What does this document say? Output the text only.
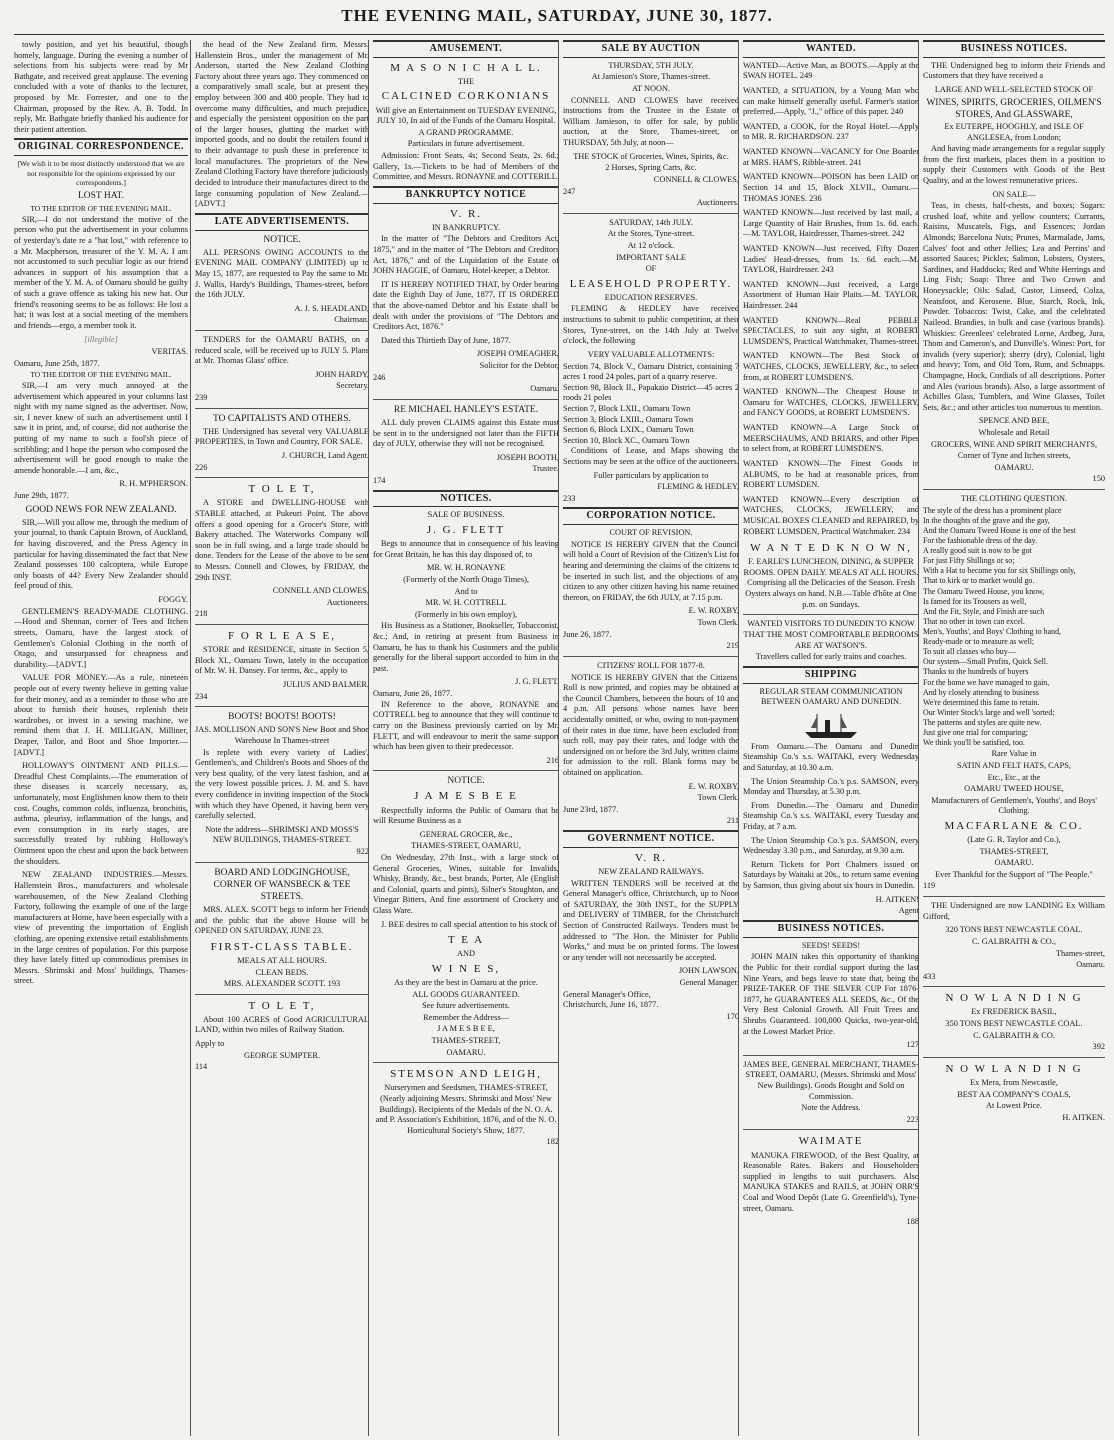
THE EVENING MAIL, SATURDAY, JUNE 30, 1877.

towly position, and yet his beautiful, though homely, language. During the evening a number of selections from his subjects were read by Mr Bathgate, and received great applause. The evening concluded with a vote of thanks to the lecturer, proposed by Mr. Forrester, and one to the Chairman, proposed by the Rev. A. B. Todd. In reply, Mr. Bathgate briefly thanked his audience for their patient attention.

ORIGINAL CORRESPONDENCE.
[We wish it to be most distinctly understood that we are not responsible for the opinions expressed by our correspondents.]
LOST HAT.
TO THE EDITOR OF THE EVENING MAIL.

SIR,—I do not understand the motive of the person who put the advertisement in your columns of yesterday's date re a "hat lost," with reference to a Mr. Macpherson, treasurer of the Y. M. A. I am not accustomed to such peculiar logic as our friend advances in support of his assumption that a member of the Y. M. A. of Oamaru should be guilty of such a grave offence as taking his new hat. Our friend's reasoning seems to be as follows: He lost a hat; it was lost at a social meeting of the members and friends—ergo, a member took it.

[illegible]
VERITAS.
Oamaru, June 25th, 1877.
TO THE EDITOR OF THE EVENING MAIL.

SIR,—I am very much annoyed at the advertisement which appeared in your columns last night with my name signed as the advertiser. Now, sir, I never knew of such an advertisement until I saw it in print, and, of course, did not authorise the putting of my name to such a fool'sh piece of scribbling; and I hope the person who composed the advertisement will be good enough to make the amende honorable.—I am, &c.,

R. H. M'PHERSON.
June 29th, 1877.
GOOD NEWS FOR NEW ZEALAND.

SIR,—Will you allow me, through the medium of your journal, to thank Captain Brown, of Auckland, for having discovered, and the Press Agency in particular for having disseminated the fact that New Zealand possesses 100 calcoptera, while Europe only boasts of 44? Every New Zealander should feel proud of this.

FOGGY.

GENTLEMEN'S READY-MADE CLOTHING.—Hood and Shennan, corner of Tees and Itchen streets, Oamaru, have the largest stock of Gentlemen's Colonial Clothing in the north of Otago, and unsurpassed for cheapness and durability.—[ADVT.]

VALUE FOR MONEY.—As a rule, nineteen people out of every twenty believe in getting value for their money, and as a reminder to those who are about to furnish their houses, replenish their wardrobes, or invest in a sewing machine, we remind them that J. H. MILLIGAN, Milliner, Draper, Tailor, and Boot and Shoe Importer.—[ADVT.]

HOLLOWAY'S OINTMENT AND PILLS.—Dreadful Chest Complaints.—The enumeration of these diseases is scarcely necessary, as, unfortunately, most Englishmen know them to their cost. Coughs, common colds, influenza, bronchitis, asthma, pleurisy, inflammation of the lungs, and even consumption in its early stages, are successfully treated by rubbing Holloway's Ointment upon the chest and upon the back between the shoulders.

NEW ZEALAND INDUSTRIES.—Messrs. Hallenstein Bros., manufacturers and wholesale warehousemen, of the New Zealand Clothing Factory, following the example of one of the large manufacturers at Home, have been especially with a view of preventing the importation of English clothing, are opening extensive retail establishments in the large centres of population. For this purpose they have lately fitted up commodious premises in Messrs. Shrimski and Moss' buildings, Thames-street.

the head of the New Zealand firm. Messrs. Hallenstein Bros., under the management of Mr. Anderson, started the New Zealand Clothing Factory about three years ago. They commenced on a comparatively small scale, but at present they employ between 300 and 400 people. They had to overcome many difficulties, and much prejudice, and especially the persistent opposition on the part of the larger houses, glutting the market with imported goods, and no doubt the retailers found it to their advantage to push these in preference to local manufactures. The proprietors of the New Zealand Clothing Factory have therefore judiciously decided to introduce their manufactures direct to the large consuming population of New Zealand.—[ADVT.]

LATE ADVERTISEMENTS.
NOTICE.

ALL PERSONS OWING ACCOUNTS to the EVENING MAIL COMPANY (LIMITED) up to May 15, 1877, are requested to Pay the same to Mr. J. Wallis, Hardy's Buildings, Thames-street, before the 16th JULY.

A. J. S. HEADLAND,
Chairman.

TENDERS for the OAMARU BATHS, on a reduced scale, will be received up to JULY 5. Plans at Mr. Thomas Glass' office.

JOHN HARDY,
Secretary.
239
TO CAPITALISTS AND OTHERS.

THE Undersigned has several very VALUABLE PROPERTIES, in Town and Country, FOR SALE.

J. CHURCH, Land Agent.
226
T O L E T,

A STORE and DWELLING-HOUSE with STABLE attached, at Pukeuri Point. The above offers a good opening for a Grocer's Store, with Bakery attached. The Waterworks Company will soon be in full swing, and a large trade should be done. Tenders for the Lease of the above to be sent to Messrs. Connell and Clowes, by FRIDAY, the 29th INST.

CONNELL AND CLOWES,
Auctioneers.
218
F O R L E A S E,

STORE and RESIDENCE, situate in Section 5, Block XI., Oamaru Town, lately in the occupation of Mr. W. H. Dansey. For terms, &c., apply to

JULIUS AND BALMER.
234
BOOTS! BOOTS! BOOTS!
JAS. MOLLISON AND SON'S New Boot and Shoe Warehouse In Thames-street

Is replete with every variety of Ladies', Gentlemen's, and Children's Boots and Shoes of the very best quality, of the very latest fashion, and at the very lowest possible prices. J. M. and S. have every confidence in inviting inspection of the Stock with which they have Opened, it having been very carefully selected.

Note the address—SHRIMSKI AND MOSS'S NEW BUILDINGS, THAMES-STREET.
922
BOARD AND LODGINGHOUSE, CORNER OF WANSBECK & TEE STREETS.

MRS. ALEX. SCOTT begs to inform her Friends and the public that the above House will be OPENED ON SATURDAY, JUNE 23.

FIRST-CLASS TABLE.
MEALS AT ALL HOURS.
CLEAN BEDS.
MRS. ALEXANDER SCOTT. 193
T O L E T,

About 100 ACRES of Good AGRICULTURAL LAND, within two miles of Railway Station.

Apply to
GEORGE SUMPTER.
114
AMUSEMENT.
M A S O N I C H A L L.
THE
CALCINED CORKONIANS
Will give an Entertainment on TUESDAY EVENING, JULY 10, In aid of the Funds of the Oamaru Hospital.
A GRAND PROGRAMME.
Particulars in future advertisement.

Admission: Front Seats, 4s; Second Seats, 2s. 6d.; Gallery, 1s.—Tickets to be had of Members of the Committee, and Messrs. RONAYNE and COTTERILL.

BANKRUPTCY NOTICE
V. R.
IN BANKRUPTCY.

In the matter of "The Debtors and Creditors Act, 1875," and in the matter of "The Debtors and Creditors Act, 1876," and of the Liquidation of the Estate of JOHN HAGGIE, of Oamaru, Hotel-keeper, a Debtor.

IT IS HEREBY NOTIFIED THAT, by Order bearing date the Eighth Day of June, 1877, IT IS ORDERED that the above-named Debtor and his Estate shall be dealt with under the provisions of "The Debtors and Creditors Act, 1876."

Dated this Thirtieth Day of June, 1877.

JOSEPH O'MEAGHER,
Solicitor for the Debtor,
246
Oamaru.
RE MICHAEL HANLEY'S ESTATE.

ALL duly proven CLAIMS against this Estate must be sent in to the undersigned not later than the FIFTH day of JULY, otherwise they will not be recognised.

JOSEPH BOOTH,
Trustee.
174
NOTICES.
SALE OF BUSINESS.
J. G. FLETT

Begs to announce that in consequence of his leaving for Great Britain, he has this day disposed of, to

MR. W. H. RONAYNE
(Formerly of the North Otago Times),
And to
MR. W. H. COTTRELL
(Formerly in his own employ),

His Business as a Stationer, Bookseller, Tobacconist, &c.; And, in retiring at present from Business in Oamaru, he has to thank his Customers and the public generally for the liberal support accorded to him in the past.

J. G. FLETT.
Oamaru, June 26, 1877.

IN Reference to the above, RONAYNE and COTTRELL beg to announce that they will continue to carry on the Business previously carried on by Mr. FLETT, and will endeavour to merit the same support which has been given to their predecessor.

216
NOTICE.
J A M E S B E E

Respectfully informs the Public of Oamaru that he will Resume Business as a

GENERAL GROCER, &c.,
THAMES-STREET, OAMARU,

On Wednesday, 27th Inst., with a large stock of General Groceries, Wines, suitable for Invalids, Whisky, Brandy, &c., best brands, Porter, Ale (English and Colonial, quarts and pints), Silner's Stoughton, and Vinegar Bitters, And fine assortment of Crockery and Glass Ware.

J. BEE desires to call special attention to his stock of

T E A
AND
W I N E S,
As they are the best in Oamaru at the price.
ALL GOODS GUARANTEED.
See future advertisements.
Remember the Address—
J A M E S B E E,
THAMES-STREET,
OAMARU.
STEMSON AND LEIGH,
Nurserymen and Seedsmen, THAMES-STREET, (Nearly adjoining Messrs. Shrimski and Moss' New Buildings). Recipients of the Medals of the N. O. A. and P. Association's Exhibition, 1876, and of the N. O. Horticultural Society's Show, 1877.
182
SALE BY AUCTION
THURSDAY, 5TH JULY.
At Jamieson's Store, Thames-street.
AT NOON.

CONNELL AND CLOWES have received instructions from the Trustee in the Estate of William Jamieson, to offer for sale, by public auction, at the Store, Thames-street, on THURSDAY, 5th July, at noon—

THE STOCK of Groceries, Wines, Spirits, &c.
2 Horses, Spring Carts, &c.
CONNELL & CLOWES,
247
Auctioneers.
SATURDAY, 14th JULY.
At the Stores, Tyne-street.
At 12 o'clock.
IMPORTANT SALE
OF
LEASEHOLD PROPERTY.
EDUCATION RESERVES.

FLEMING & HEDLEY have received instructions to submit to public competition, at their Stores, Tyne-street, on the 14th July at Twelve o'clock, the following

VERY VALUABLE ALLOTMENTS:
Section 74, Block V., Oamaru District, containing 7 acres 1 rood 24 poles, part of a quarry reserve.
Section 98, Block II., Papakaio District—45 acres 2 roods 21 poles
Section 7, Block LXII., Oamaru Town
Section 3, Block LXIII., Oamaru Town
Section 6, Block LXIX., Oamaru Town
Section 10, Block XC., Oamaru Town

Conditions of Lease, and Maps showing the Sections may be seen at the office of the auctioneers.

Fuller particulars by application to
FLEMING & HEDLEY,
233
CORPORATION NOTICE.
COURT OF REVISION.

NOTICE IS HEREBY GIVEN that the Council will hold a Court of Revision of the Citizen's List for hearing and determining the claims of the citizens to be inserted in such list, and the objections of any citizen to any other citizen having his name retained thereon, on FRIDAY, the 6th JULY, at 7.15 p.m.

E. W. ROXBY,
Town Clerk.
June 26, 1877.
219
CITIZENS' ROLL FOR 1877-8.

NOTICE IS HEREBY GIVEN that the Citizens' Roll is now printed, and copies may be obtained at the Council Chambers, between the hours of 10 and 4 p.m. All persons whose names have been accidentally omitted, or who, owing to non-payment of their rates in due time, have been excluded from such roll, may pay their rates, and lodge with the undersigned on or before the 3rd July, written claims for admission to the roll. Blank forms may be obtained on application.

E. W. ROXBY,
Town Clerk.
June 23rd, 1877.
211
GOVERNMENT NOTICE.
V. R.
NEW ZEALAND RAILWAYS.

WRITTEN TENDERS will be received at the General Manager's office, Christchurch, up to Noon of SATURDAY, the 30th INST., for the SUPPLY and DELIVERY of TIMBER, for the Christchurch Section of Constructed Railways. Tenders must be addressed to "The Hon. the Minister for Public Works," and must be on printed forms. The lowest or any tender will not necessarily be accepted.

JOHN LAWSON,
General Manager.
General Manager's Office,
Christchurch, June 16, 1877.
170
WANTED.
WANTED—Active Man, as BOOTS.—Apply at the SWAN HOTEL. 249
WANTED, a SITUATION, by a Young Man who can make himself generally useful. Farmer's station preferred.—Apply, "J.," office of this paper. 240
WANTED, a COOK, for the Royal Hotel.—Apply to MR. R. RICHARDSON. 237
WANTED KNOWN—VACANCY for One Boarder at MRS. HAM'S, Ribble-street. 241
WANTED KNOWN—POISON has been LAID on Section 14 and 15, Block XLVII., Oamaru.—THOMAS JONES. 236
WANTED KNOWN—Just received by last mail, a Large Quantity of Hair Brushes, from 1s. 6d. each.—M. TAYLOR, Hairdresser, Thames-street. 242
WANTED KNOWN—Just received, Fifty Dozen Ladies' Head-dresses, from 1s. 6d. each.—M. TAYLOR, Hairdresser. 243
WANTED KNOWN—Just received, a Large Assortment of Human Hair Plaits.—M. TAYLOR, Hairdresser. 244
WANTED KNOWN—Real PEBBLE SPECTACLES, to suit any sight, at ROBERT LUMSDEN'S, Practical Watchmaker, Thames-street.
WANTED KNOWN—The Best Stock of WATCHES, CLOCKS, JEWELLERY, &c., to select from, at ROBERT LUMSDEN'S.
WANTED KNOWN—The Cheapest House in Oamaru for WATCHES, CLOCKS, JEWELLERY, and FANCY GOODS, at ROBERT LUMSDEN'S.
WANTED KNOWN—A Large Stock of MEERSCHAUMS, AND BRIARS, and other Pipes to select from, at ROBERT LUMSDEN'S.
WANTED KNOWN—The Finest Goods in ALBUMS, to be had at reasonable prices, from ROBERT LUMSDEN.
WANTED KNOWN—Every description of WATCHES, CLOCKS, JEWELLERY, and MUSICAL BOXES CLEANED and REPAIRED, by ROBERT LUMSDEN, Practical Watchmaker. 234
W A N T E D K N O W N,
F. EARLE'S LUNCHEON, DINING, & SUPPER ROOMS. OPEN DAILY. MEALS AT ALL HOURS. Comprising all the Delicacies of the Season. Fresh Oysters always on hand. N.B.—Table d'hôte at One p.m. on Sundays.
WANTED VISITORS TO DUNEDIN TO KNOW THAT THE MOST COMFORTABLE BEDROOMS ARE AT WATSON'S.
Travellers called for early trains and coaches.
SHIPPING
REGULAR STEAM COMMUNICATION BETWEEN OAMARU AND DUNEDIN.

From Oamaru.—The Oamaru and Dunedin Steamship Co.'s s.s. WAITAKI, every Wednesday and Saturday, at 10.30 a.m.

The Union Steamship Co.'s p.s. SAMSON, every Monday and Thursday, at 5.30 p.m.

From Dunedin.—The Oamaru and Dunedin Steamship Co.'s s.s. WAITAKI, every Tuesday and Friday, at 7 a.m.

The Union Steamship Co.'s p.s. SAMSON, every Wednesday 3.30 p.m., and Saturday, at 9.30 a.m.

Return Tickets for Port Chalmers issued on Saturdays by Waitaki at 20s., to return same evening by Samson, thus giving about six hours in Dunedin.

H. AITKEN!
Agent
BUSINESS NOTICES.
SEEDS! SEEDS!

JOHN MAIN takes this opportunity of thanking the Public for their cordial support during the last Nine Years, and begs leave to state that, being the PRIZE-TAKER OF THE SILVER CUP For 1876-1877, he GUARANTEES ALL SEEDS, &c., Of the Very Best Colonial Growth. All Fruit Trees and Shrubs Guaranteed. 100,000 Quicks, two-year-old, at the Lowest Market Price.

127
JAMES BEE, GENERAL MERCHANT, THAMES-STREET, OAMARU, (Messrs. Shrimski and Moss' New Buildings). Goods Bought and Sold on Commission.
Note the Address.
223
WAIMATE

MANUKA FIREWOOD, of the Best Quality, at Reasonable Rates. Bakers and Householders supplied in lengths to suit purchasers. Also MANUKA STAKES and RAILS, at JOHN ORR'S Coal and Wood Depôt (Late G. Greenfield's), Tyne-street, Oamaru.

188
BUSINESS NOTICES.

THE Undersigned beg to inform their Friends and Customers that they have received a

LARGE AND WELL-SELECTED STOCK OF
WINES, SPIRITS, GROCERIES, OILMEN'S STORES, And GLASSWARE,
Ex EUTERPE, HOOGHLY, and ISLE OF ANGLESEA, from London;

And having made arrangements for a regular supply from the first markets, places them in a position to supply their Customers with Goods of the Best Quality, and at the lowest remunerative prices.

ON SALE—

Teas, in chests, half-chests, and boxes; Sugars: crushed loaf, white and yellow counters; Currants, Raisins, Muscatels, Figs, and Essences; Jordan Almonds; Barcelona Nuts; Prunes, Marmalade, Jams, Calves' foot and other Jellies; Lea and Perrins' and assorted Sauces; Pickles; Salmon, Lobsters, Oysters, Sardines, and Haddocks; Red and White Herrings and Ling Fish; Soap: Three and Two Crown and Honeysuckle; Oils: Salad, Castor, Linseed, Colza, Neatsfoot, and Kerosene. Blue, Starch, Rock, Ink, Powder. Tobaccos: Twist, Cake, and the celebrated Naileod. Brandies, in bulk and case (various brands). Whiskies: Greenlees' celebrated Lorne, Ardbeg, Jura, Thom and Cameron's, and Dunville's. Wines: Port, for invalids (very superior); sherry (dry), Colonial, light and heavy; Tom, and Old Tom, Rum, and Schnapps. Champagne, Hock, Cordials of all descriptions. Porter and Ales (various brands). Also, a large assortment of Achilles Glass, Tumblers, and Wine Glasses, Toilet Sets, &c.; and other articles too numerous to mention.

SPENCE AND BEE,
Wholesale and Retail
GROCERS, WINE AND SPIRIT MERCHANTS,
Corner of Tyne and Itchen streets,
OAMARU.
150
THE CLOTHING QUESTION.
The style of the dress has a prominent place
In the thoughts of the grave and the gay,
And the Oamaru Tweed House is one of the best
For the fashionable dress of the day.
A really good suit is now to be got
For just Fifty Shillings or so;
With a Hat to become you for six Shillings only,
That to kirk or to market would go.
The Oamaru Tweed House, you know,
Is famed for its Trousers as well,
And the Fit, Style, and Finish are such
That no other in town can excel.
Men's, Youths', and Boys' Clothing to hand,
Ready-made or to measure as well;
To suit all classes who buy—
Our system—Small Profits, Quick Sell.
Thanks to the hundreds of buyers
For the home we have managed to gain,
And by closely attending to business
We're determined this fame to retain.
Our Winter Stock's large and well 'sorted;
The patterns and styles are quite new.
Just give one trial for comparing;
We think you'll be satisfied, too.
Rare Value in
SATIN AND FELT HATS, CAPS,
Etc., Etc., at the
OAMARU TWEED HOUSE,
Manufacturers of Gentlemen's, Youths', and Boys' Clothing.
MACFARLANE & CO.
(Late G. R. Taylor and Co.),
THAMES-STREET,
OAMARU.
Ever Thankful for the Support of "The People."
119

THE Undersigned are now LANDING Ex William Gifford,

320 TONS BEST NEWCASTLE COAL.
C. GALBRAITH & CO.,
Thames-street,
Oamaru.
433
N O W L A N D I N G
Ex FREDERICK BASIL,
350 TONS BEST NEWCASTLE COAL.
C. GALBRAITH & CO.
392
N O W L A N D I N G
Ex Mera, from Newcastle,
BEST AA COMPANY'S COALS,
At Lowest Price.
H. AITKEN.
